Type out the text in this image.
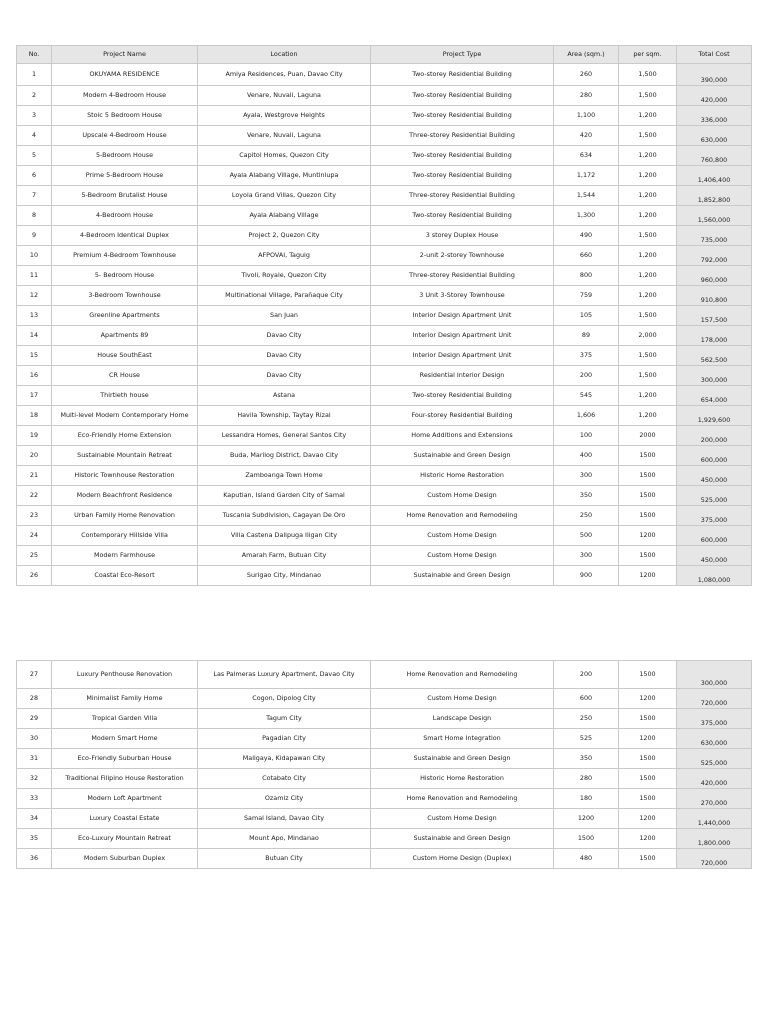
No.	Project Name	Location	Project Type	Area (sqm.)	per sqm.	Total Cost
1	OKUYAMA RESIDENCE	Amiya Residences, Puan, Davao City	Two-storey Residential Building	260	1,500	390,000
2	Modern 4-Bedroom House	Venare, Nuvali, Laguna	Two-storey Residential Building	280	1,500	420,000
3	Stoic 5 Bedroom House	Ayala, Westgrove Heights	Two-storey Residential Building	1,100	1,200	336,000
4	Upscale 4-Bedroom House	Venare, Nuvali, Laguna	Three-storey Residential Building	420	1,500	630,000
5	5-Bedroom House	Capitol Homes, Quezon City	Two-storey Residential Building	634	1,200	760,800
6	Prime 5-Bedroom House	Ayala Alabang Village, Muntinlupa	Two-storey Residential Building	1,172	1,200	1,406,400
7	5-Bedroom Brutalist House	Loyola Grand Villas, Quezon City	Three-storey Residential Building	1,544	1,200	1,852,800
8	4-Bedroom House	Ayala Alabang Village	Two-storey Residential Building	1,300	1,200	1,560,000
9	4-Bedroom Identical Duplex	Project 2, Quezon City	3 storey Duplex House	490	1,500	735,000
10	Premium 4-Bedroom Townhouse	AFPOVAI, Taguig	2-unit 2-storey Townhouse	660	1,200	792,000
11	5- Bedroom House	Tivoli, Royale, Quezon City	Three-storey Residential Building	800	1,200	960,000
12	3-Bedroom Townhouse	Multinational Village, Parañaque City	3 Unit 3-Storey Townhouse	759	1,200	910,800
13	Greenline Apartments	San Juan	Interior Design Apartment Unit	105	1,500	157,500
14	Apartments 89	Davao City	Interior Design Apartment Unit	89	2,000	178,000
15	House SouthEast	Davao City	Interior Design Apartment Unit	375	1,500	562,500
16	CR House	Davao City	Residential Interior Design	200	1,500	300,000
17	Thirtieth house	Astana	Two-storey Residential Building	545	1,200	654,000
18	Multi-level Modern Contemporary Home	Havila Township, Taytay Rizal	Four-storey Residential Building	1,606	1,200	1,929,600
19	Eco-Friendly Home Extension	Lessandra Homes, General Santos City	Home Additions and Extensions	100	2000	200,000
20	Sustainable Mountain Retreat	Buda, Marilog District, Davao City	Sustainable and Green Design	400	1500	600,000
21	Historic Townhouse Restoration	Zamboanga Town Home	Historic Home Restoration	300	1500	450,000
22	Modern Beachfront Residence	Kaputian, Island Garden City of Samal	Custom Home Design	350	1500	525,000
23	Urban Family Home Renovation	Tuscania Subdivision, Cagayan De Oro	Home Renovation and Remodeling	250	1500	375,000
24	Contemporary Hillside Villa	Villa Castena Dalipuga Iligan City	Custom Home Design	500	1200	600,000
25	Modern Farmhouse	Amarah Farm, Butuan City	Custom Home Design	300	1500	450,000
26	Coastal Eco-Resort	Surigao City, Mindanao	Sustainable and Green Design	900	1200	1,080,000
27	Luxury Penthouse Renovation	Las Palmeras Luxury Apartment, Davao City	Home Renovation and Remodeling	200	1500	300,000
28	Minimalist Family Home	Cogon, Dipolog City	Custom Home Design	600	1200	720,000
29	Tropical Garden Villa	Tagum City	Landscape Design	250	1500	375,000
30	Modern Smart Home	Pagadian City	Smart Home Integration	525	1200	630,000
31	Eco-Friendly Suburban House	Maligaya, Kidapawan City	Sustainable and Green Design	350	1500	525,000
32	Traditional Filipino House Restoration	Cotabato City	Historic Home Restoration	280	1500	420,000
33	Modern Loft Apartment	Ozamiz City	Home Renovation and Remodeling	180	1500	270,000
34	Luxury Coastal Estate	Samal Island, Davao City	Custom Home Design	1200	1200	1,440,000
35	Eco-Luxury Mountain Retreat	Mount Apo, Mindanao	Sustainable and Green Design	1500	1200	1,800.000
36	Modern Suburban Duplex	Butuan City	Custom Home Design (Duplex)	480	1500	720,000
